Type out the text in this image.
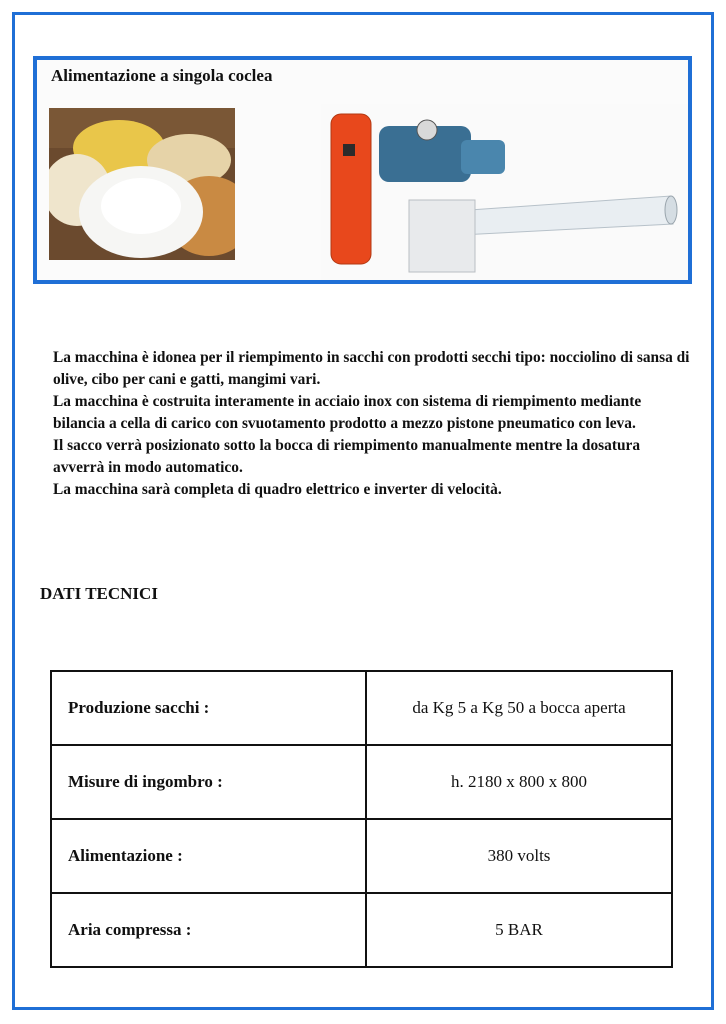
Alimentazione a singola coclea

La macchina è idonea per il riempimento in sacchi con prodotti secchi tipo: nocciolino di sansa di olive, cibo per cani e gatti, mangimi vari.

La macchina è costruita interamente in acciaio inox con sistema di riempimento mediante bilancia a cella di carico con svuotamento prodotto a mezzo pistone pneumatico con leva.

Il sacco verrà posizionato sotto la bocca di riempimento manualmente mentre la dosatura avverrà in modo automatico.

La macchina sarà completa di quadro elettrico e inverter di velocità.

DATI TECNICI
Produzione sacchi :	da Kg 5 a Kg 50 a bocca aperta
Misure di ingombro :	h. 2180 x 800 x 800
Alimentazione :	380 volts
Aria compressa :	5 BAR
